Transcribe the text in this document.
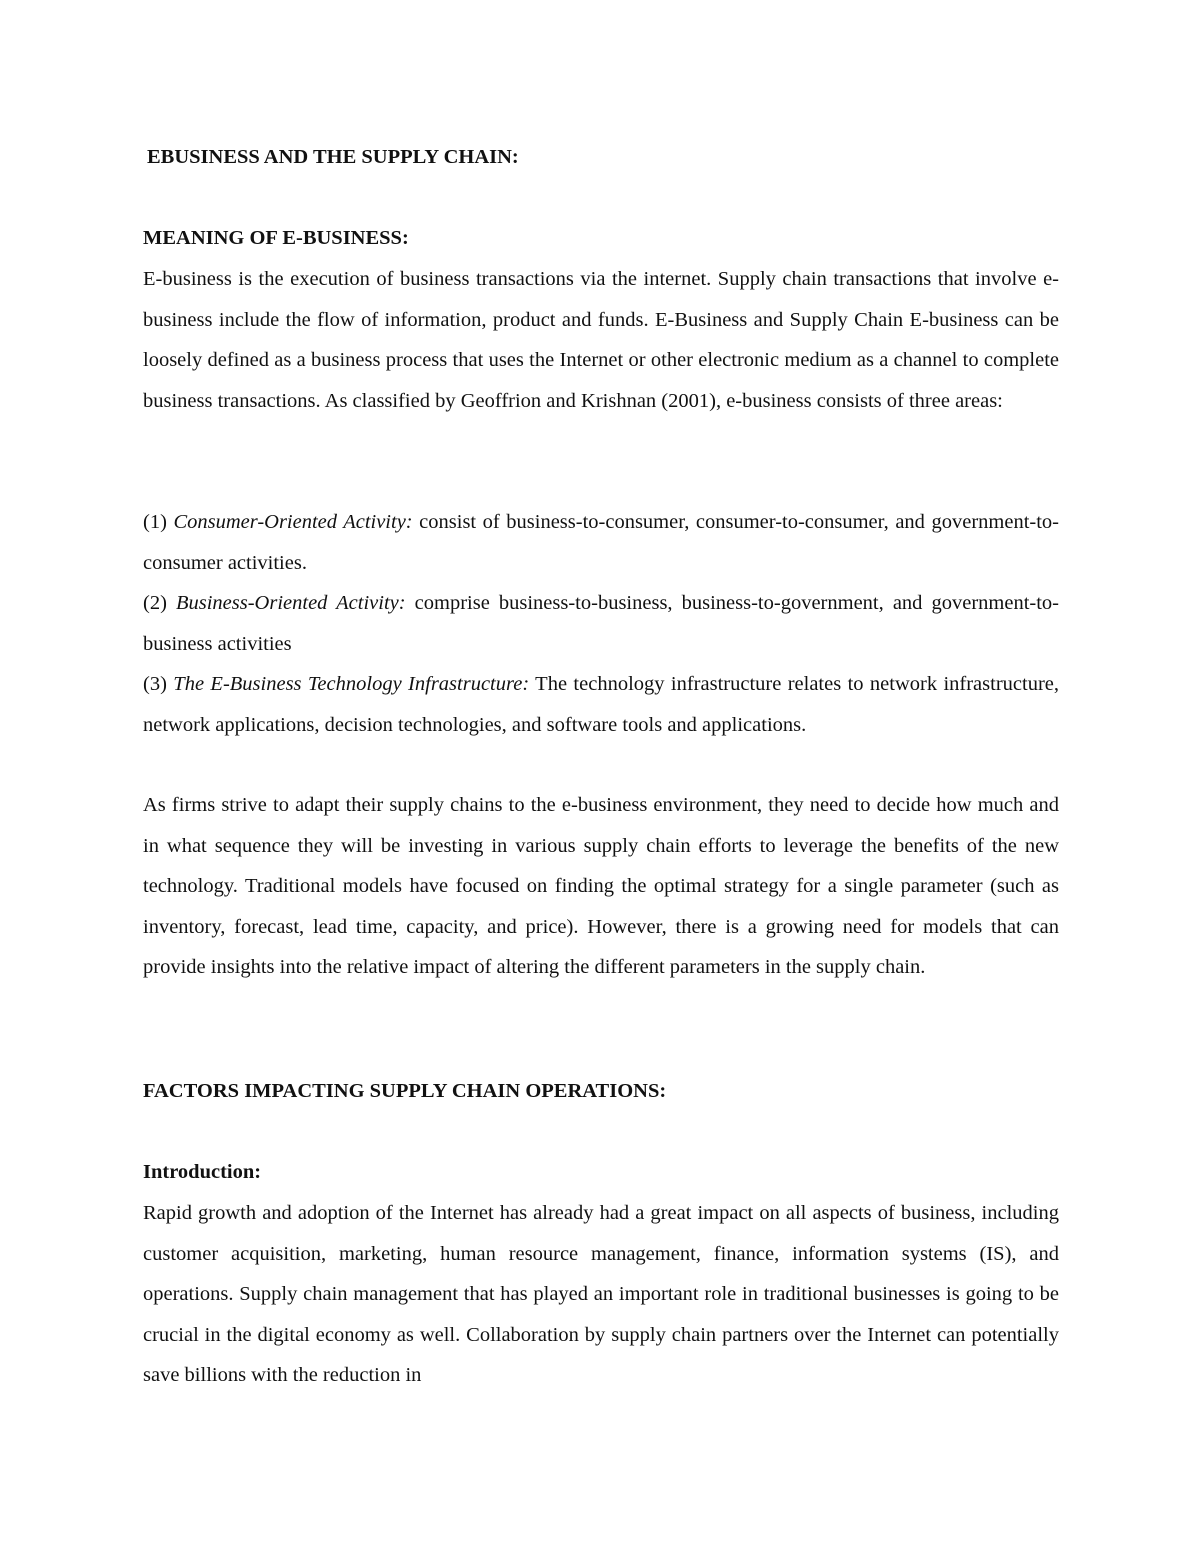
EBUSINESS AND THE SUPPLY CHAIN:
MEANING OF E-BUSINESS:

E-business is the execution of business transactions via the internet. Supply chain transactions that involve e-business include the flow of information, product and funds. E-Business and Supply Chain E-business can be loosely defined as a business process that uses the Internet or other electronic medium as a channel to complete business transactions. As classified by Geoffrion and Krishnan (2001), e-business consists of three areas:

(1) Consumer-Oriented Activity: consist of business-to-consumer, consumer-to-consumer, and government-to-consumer activities.
(2) Business-Oriented Activity: comprise business-to-business, business-to-government, and government-to-business activities
(3) The E-Business Technology Infrastructure: The technology infrastructure relates to network infrastructure, network applications, decision technologies, and software tools and applications.

As firms strive to adapt their supply chains to the e-business environment, they need to decide how much and in what sequence they will be investing in various supply chain efforts to leverage the benefits of the new technology. Traditional models have focused on finding the optimal strategy for a single parameter (such as inventory, forecast, lead time, capacity, and price). However, there is a growing need for models that can provide insights into the relative impact of altering the different parameters in the supply chain.

FACTORS IMPACTING SUPPLY CHAIN OPERATIONS:
Introduction:

Rapid growth and adoption of the Internet has already had a great impact on all aspects of business, including customer acquisition, marketing, human resource management, finance, information systems (IS), and operations. Supply chain management that has played an important role in traditional businesses is going to be crucial in the digital economy as well. Collaboration by supply chain partners over the Internet can potentially save billions with the reduction in
